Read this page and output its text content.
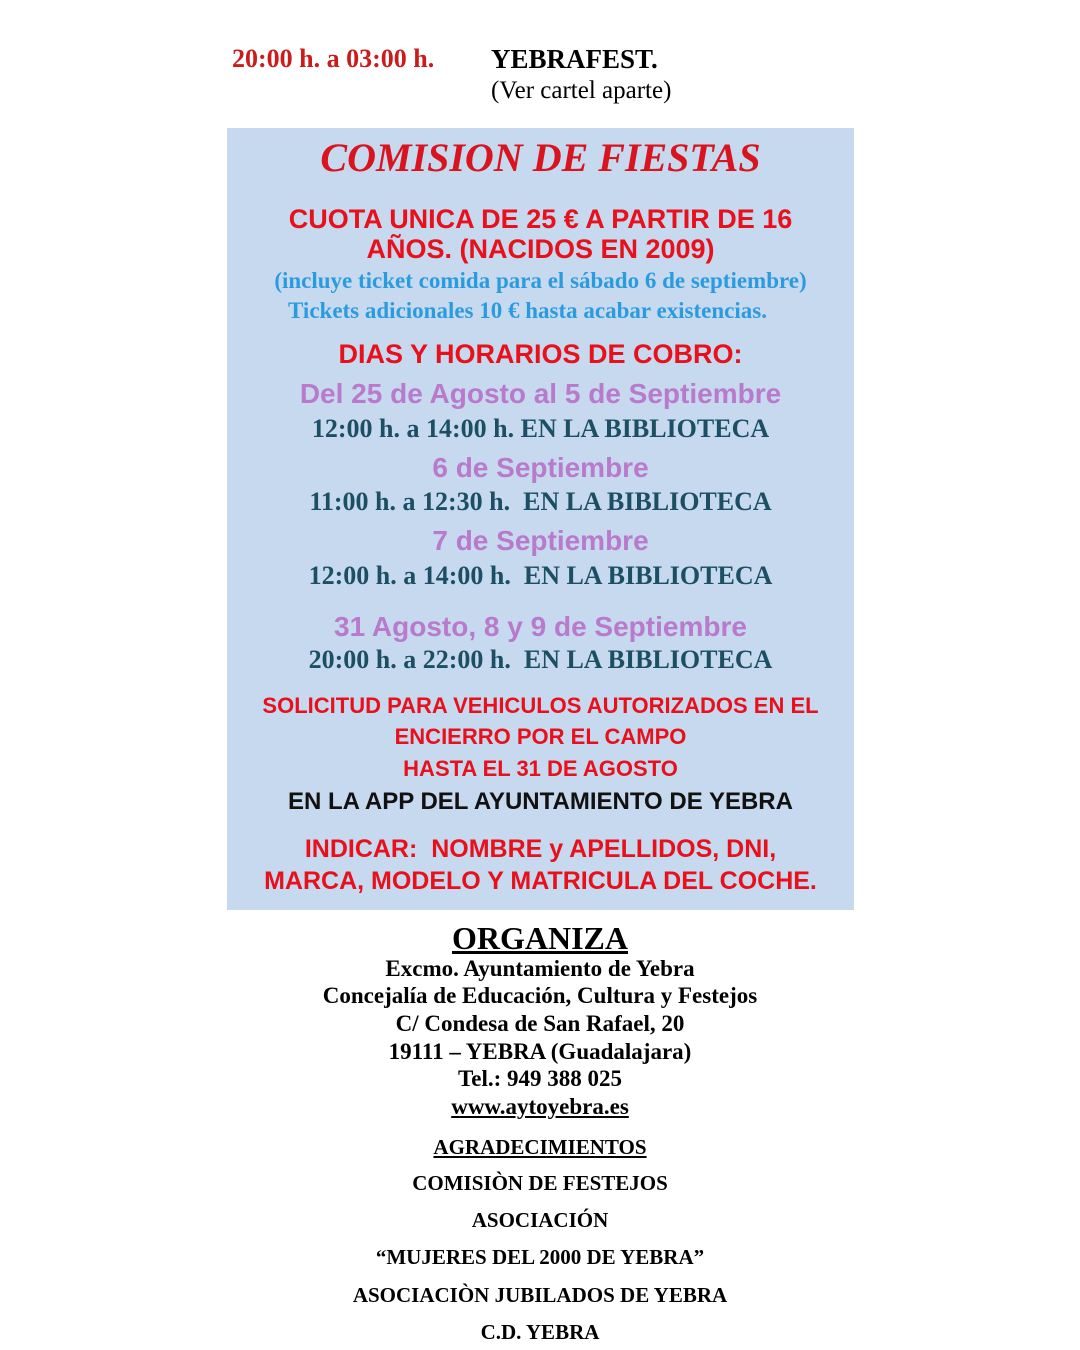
20:00 h. a 03:00 h. YEBRAFEST.
(Ver cartel aparte)
COMISION DE FIESTAS
CUOTA UNICA DE 25 € A PARTIR DE 16
AÑOS. (NACIDOS EN 2009)
(incluye ticket comida para el sábado 6 de septiembre)
Tickets adicionales 10 € hasta acabar existencias.
DIAS Y HORARIOS DE COBRO:
Del 25 de Agosto al 5 de Septiembre
12:00 h. a 14:00 h. EN LA BIBLIOTECA
6 de Septiembre
11:00 h. a 12:30 h.  EN LA BIBLIOTECA
7 de Septiembre
12:00 h. a 14:00 h.  EN LA BIBLIOTECA
31 Agosto, 8 y 9 de Septiembre
20:00 h. a 22:00 h.  EN LA BIBLIOTECA
SOLICITUD PARA VEHICULOS AUTORIZADOS EN EL
ENCIERRO POR EL CAMPO
HASTA EL 31 DE AGOSTO
EN LA APP DEL AYUNTAMIENTO DE YEBRA
INDICAR:  NOMBRE y APELLIDOS, DNI,
MARCA, MODELO Y MATRICULA DEL COCHE.
ORGANIZA
Excmo. Ayuntamiento de Yebra
Concejalía de Educación, Cultura y Festejos
C/ Condesa de San Rafael, 20
19111 – YEBRA (Guadalajara)
Tel.: 949 388 025
www.aytoyebra.es
AGRADECIMIENTOS
COMISIÒN DE FESTEJOS
ASOCIACIÓN
“MUJERES DEL 2000 DE YEBRA”
ASOCIACIÒN JUBILADOS DE YEBRA
C.D. YEBRA
